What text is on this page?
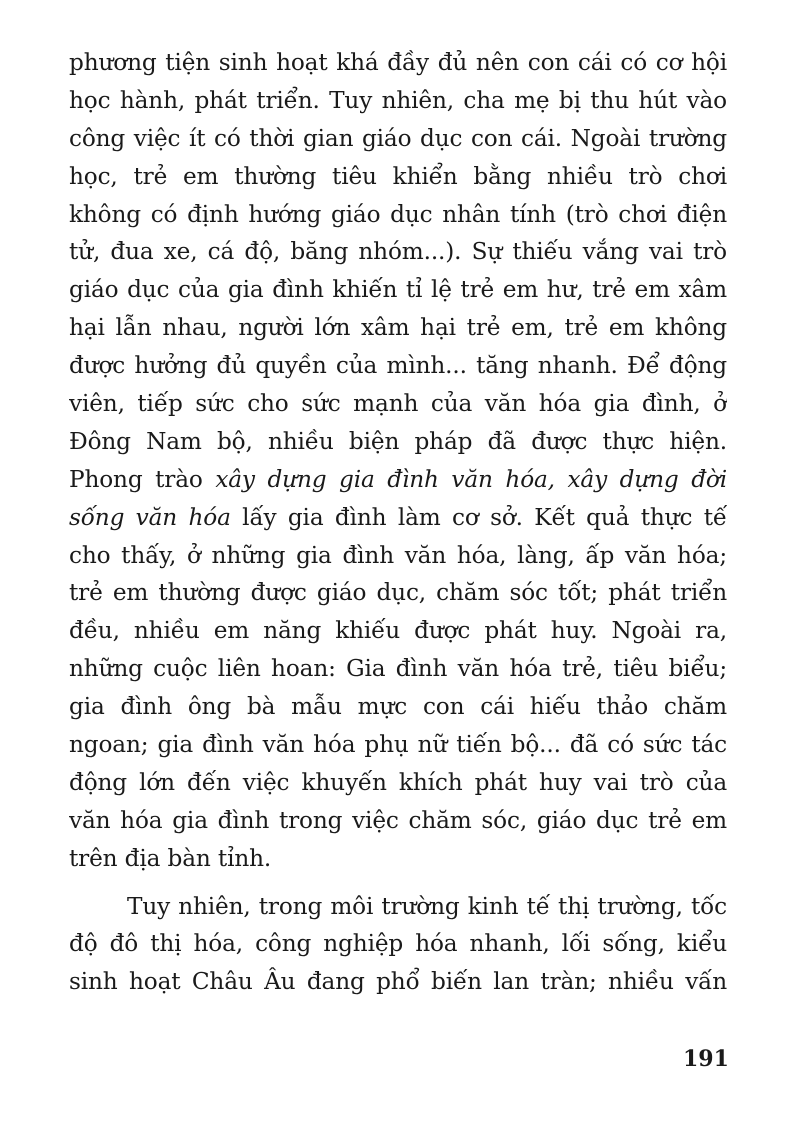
phương tiện sinh hoạt khá đầy đủ nên con cái có cơ hội
học hành, phát triển. Tuy nhiên, cha mẹ bị thu hút vào
công việc ít có thời gian giáo dục con cái. Ngoài trường
học, trẻ em thường tiêu khiển bằng nhiều trò chơi
không có định hướng giáo dục nhân tính (trò chơi điện
tử, đua xe, cá độ, băng nhóm...). Sự thiếu vắng vai trò
giáo dục của gia đình khiến tỉ lệ trẻ em hư, trẻ em xâm
hại lẫn nhau, người lớn xâm hại trẻ em, trẻ em không
được hưởng đủ quyền của mình... tăng nhanh. Để động
viên, tiếp sức cho sức mạnh của văn hóa gia đình, ở
Đông Nam bộ, nhiều biện pháp đã được thực hiện.
Phong trào xây dựng gia đình văn hóa, xây dựng đời
sống văn hóa lấy gia đình làm cơ sở. Kết quả thực tế
cho thấy, ở những gia đình văn hóa, làng, ấp văn hóa;
trẻ em thường được giáo dục, chăm sóc tốt; phát triển
đều, nhiều em năng khiếu được phát huy. Ngoài ra,
những cuộc liên hoan: Gia đình văn hóa trẻ, tiêu biểu;
gia đình ông bà mẫu mực con cái hiếu thảo chăm
ngoan; gia đình văn hóa phụ nữ tiến bộ... đã có sức tác
động lớn đến việc khuyến khích phát huy vai trò của
văn hóa gia đình trong việc chăm sóc, giáo dục trẻ em
trên địa bàn tỉnh.
Tuy nhiên, trong môi trường kinh tế thị trường, tốc
độ đô thị hóa, công nghiệp hóa nhanh, lối sống, kiểu
sinh hoạt Châu Âu đang phổ biến lan tràn; nhiều vấn
191
